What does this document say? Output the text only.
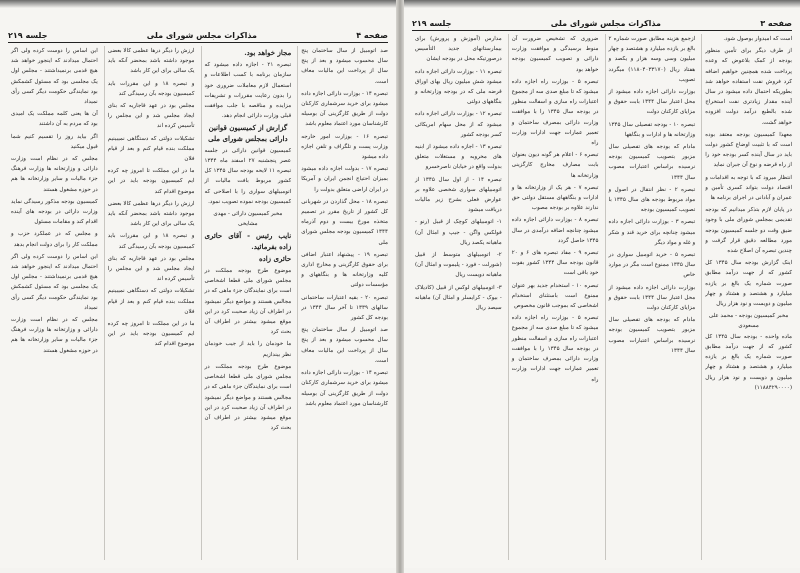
صفحه ۴
مذاکرات مجلس شورای ملی
جلسه ۲۱۹

صد اتومبیل از سال ساختمان پنج سال محسوب میشود و بعد از پنج سال از پرداخت این مالیات معاف است.

تبصره ۱۴ - بوزارت دارائی اجازه داده میشود برای خرید سرشماری کارکنان دولت از طریق کارگزینی آن بوسیله کارشناسان مورد اعتماد معلوم باشد

تبصره ۱۶ - بوزارت امور خارجه وزارت پست و تلگراف و تلفن اجازه داده میشود

تبصره ۱۷ - بدولت اجازه داده میشود بمیزان احتیاج انجمن ایران و آمریکا در ایران اراضی متعلق بدولت را

تبصره ۱۸ - محل گذاردن در شهربانی کل کشور از تاریخ مقرر در تصمیم متخذه مورخ بیست و دوم آذرماه ۱۳۴۴ کمیسیون بودجه مجلس شورای ملی

تبصره ۱۹ - پیشنهاد اعتبار اضافی برای حقوق کارگزینی و مخارج اداری کلیه وزارتخانه ها و بنگاههای و مؤسسات دولتی

تبصره ۲۰ - بقیه اعتبارات ساختمانی سالهای ۱۳۳۹ تا آخر سال ۱۳۴۴ در بودجه کل کشور

صد اتومبیل از سال ساختمان پنج سال محسوب میشود و بعد از پنج سال از پرداخت این مالیات معاف است.

تبصره ۱۴ - بوزارت دارائی اجازه داده میشود برای خرید سرشماری کارکنان دولت از طریق کارگزینی آن بوسیله کارشناسان مورد اعتماد معلوم باشد

مجاز خواهد بود.

تبصره ۲۱ - اجازه داده میشود که سازمان برنامه با کسب اطلاعات و استعمال لازم معاملات ضروری خود را بدون رعایت مقررات و تشریفات مزایده و مناقصه با جلب موافقت قبلی وزارت دارائی انجام دهد.

گزارش از کمیسیون قوانین دارائی بمجلس شورای ملی

کمیسیون قوانین دارائی در جلسه عصر پنجشنبه ۲۷ اسفند ماه ۱۳۴۴ تبصره ۱۱ لایحه بودجه سال ۱۳۴۵ کل کشور مربوط بافت مالیات از اتومبیلهای سواری را با اصلاحی که کمیسیون بودجه نموده تصویب نمود.

مخبر کمیسیون دارائی - مهدی مشایخی
نایب رئیس - آقای حائری زاده بفرمائید.
حائری زاده

موضوع طرح بودجه مملکت در مجلس شورای ملی قطعا اشخاصی است برای نمایندگان جزء ماهی که در مجالس هستند و مواضع دیگر نمیشود در اطراف آن زیاد صحبت کرد در این موقع میشود بیشتر در اطراف آن بحث کرد

ما خودمان را باید از جیب خودمان نظر بیندازیم

موضوع طرح بودجه مملکت در مجلس شورای ملی قطعا اشخاصی است برای نمایندگان جزء ماهی که در مجالس هستند و مواضع دیگر نمیشود در اطراف آن زیاد صحبت کرد در این موقع میشود بیشتر در اطراف آن بحث کرد

ارزش را دیگر درها عظمی کالا بعضی موجود داشته باشد بمحضر آنکه باید یک سالی برای این کار باشد

و تبصره ۱۸ و این مقررات باید کمیسیون بودجه بآن رسیدگی کند

مجلس بود در عهد قاجاریه که بنای ایجاد مجلس شد و این مجلس را تأسیس کرده اند

تشکیلات دولتی که دستگاهی نمیبینیم مملکت بنده قیام کنم و بعد از قیام فلان

ما در این مملکت تا امروز چه کرده ایم کمیسیون بودجه باید در این موضوع اقدام کند

ارزش را دیگر درها عظمی کالا بعضی موجود داشته باشد بمحضر آنکه باید یک سالی برای این کار باشد

و تبصره ۱۸ و این مقررات باید کمیسیون بودجه بآن رسیدگی کند

مجلس بود در عهد قاجاریه که بنای ایجاد مجلس شد و این مجلس را تأسیس کرده اند

تشکیلات دولتی که دستگاهی نمیبینیم مملکت بنده قیام کنم و بعد از قیام فلان

ما در این مملکت تا امروز چه کرده ایم کمیسیون بودجه باید در این موضوع اقدام کند

این اساس را دوست کرده ولی اگر احتمال میدادند که اینجور خواهد شد هیچ قدمی برنمیداشتند - مجلس اول یک مجلسی بود که مسئول کشمکش بود نمایندگی حکومت دیگر کسی رأی نمیداد

آن ها یعنی کلمه مملکت یک امیدی بود که مردم به آن داشتند

اگر بیاید روز را تقسیم کنیم شما قبول میکنید

مجلس که در نظام است وزارت دارائی و وزارتخانه ها وزارت فرهنگ جزء مالیات و سایر وزارتخانه ها هم در حوزه مشغول هستند

کمیسیون بودجه مذکور رسیدگی نماید وزارت دارائی در بودجه های آینده اقدام کند و مقامات مسئول

و مجلس که در عملکرد حزب و مملکت کار را برای دولت انجام بدهد

این اساس را دوست کرده ولی اگر احتمال میدادند که اینجور خواهد شد هیچ قدمی برنمیداشتند - مجلس اول یک مجلسی بود که مسئول کشمکش بود نمایندگی حکومت دیگر کسی رأی نمیداد

مجلس که در نظام است وزارت دارائی و وزارتخانه ها وزارت فرهنگ جزء مالیات و سایر وزارتخانه ها هم در حوزه مشغول هستند

صفحه ۳
مذاکرات مجلس شورای ملی
جلسه ۲۱۹

است که امیدوار بوصول شود.

از طرف دیگر برای تأمین منظور بودجه از کمک بلاعوض که وعده پرداخت شده همچنین خواهیم اضافه کرد فروش نفت استفاده خواهد شد بطوریکه احتمال داده میشود در سال آینده مقدار زیادتری نفت استخراج شده بالطبع درآمد دولت افزوده خواهد گشت.

معهذا کمیسیون بودجه معتقد بوده است که با تثبیت اوضاع کشور دولت باید در سال آینده کسر بودجه خود را از راه قرضه و نوع آن جبران نماید

انتظار میرود که با توجه به اقدامات و اقتصاد دولت بتواند کسری تأمین و عمران و آبادانی در اجرای برنامه ها

در پایان لازم بتذکر میدانیم که بودجه تقدیمی بمجلس شورای ملی با وجود ضیق وقت دو جلسه کمیسیون بودجه مورد مطالعه دقیق قرار گرفت و چندین تبصره آن اصلاح شده

اینک گزارش بودجه سال ۱۳۴۵ کل کشور که از جهت درآمد مطابق صورت شماره یک بالغ بر یازده میلیارد و هشتصد و هشتاد و چهار میلیون و دویست و نود هزار ریال

مخبر کمیسیون بودجه - محمد علی مسعودی

ماده واحده - بودجه سال ۱۳۴۵ کل کشور که از جهت درآمد مطابق صورت شماره یک بالغ بر یازده میلیارد و هشتصد و هشتاد و چهار میلیون و دویست و نود هزار ریال (۱۱۸۸۴۲۹۰۰۰۰)

ازجمع هزینه مطابق صورت شماره ۲ بالغ بر یازده میلیارد و هشتصد و چهار میلیون وسی وسه هزار و یکصد و هفتاد ریال (۱۱۸۰۴۰۳۳۱۷۰) میگردد تصویب

بوزارت دارائی اجازه داده میشود از محل اعتبار سال ۱۳۴۴ بابت حقوق و مزایای کارکنان دولت

تبصره ۱۰ - بودجه تفصیلی سال ۱۳۴۵ وزارتخانه ها و ادارات و بنگاهها

مادام که بودجه های تفصیلی سال مزبور بتصویب کمیسیون بودجه نرسیده براساس اعتبارات مصوب سال ۱۳۴۴

تبصره ۲ - نظر انتقال در اصول و مواد مربوط بودجه های سال ۱۳۴۵ با تصویب کمیسیون بودجه

تبصره ۳ - بوزارت دارائی اجازه داده میشود چنانچه برای خرید قند و شکر و غله و مواد دیگر

تبصره ۵ - خرید اتومبیل سواری در سال ۱۳۴۵ ممنوع است مگر در موارد خاص

بوزارت دارائی اجازه داده میشود از محل اعتبار سال ۱۳۴۴ بابت حقوق و مزایای کارکنان دولت

مادام که بودجه های تفصیلی سال مزبور بتصویب کمیسیون بودجه نرسیده براساس اعتبارات مصوب سال ۱۳۴۴

ضروری که تشخیص ضرورت آن منوط برسیدگی و موافقت وزارت دارائی و تصویب کمیسیون بودجه خواهد بود

تبصره ۵ - بوزارت راه اجازه داده میشود که تا مبلغ صدی سه از مجموع اعتبارات راه سازی و اسفالت منظور در بودجه سال ۱۳۴۵ را با موافقت وزارت دارائی بمصرف ساختمان و تعمیر عمارات جهت ادارات وزارت راه

تبصره ۶ - اعلام هر گونه دیون بعنوان بابت مصارف مخارج کارگزینی وزارتخانه ها

تبصره ۷ - هر یک از وزارتخانه ها و ادارات و بنگاههای مستقل دولتی حق ندارند علاوه بر بودجه مصوب

تبصره ۸ - بوزارت دارائی اجازه داده میشود چنانچه اضافه درآمدی در سال ۱۳۴۵ حاصل گردد

تبصره ۹ - مفاد تبصره های ۶ و ۲۰ قانون بودجه سال ۱۳۴۴ کشور بقوت خود باقی است

تبصره ۱۰ - استخدام جدید بهر عنوان ممنوع است باستثنای استخدام اشخاصی که بموجب قانون مخصوص

تبصره ۵ - بوزارت راه اجازه داده میشود که تا مبلغ صدی سه از مجموع اعتبارات راه سازی و اسفالت منظور در بودجه سال ۱۳۴۵ را با موافقت وزارت دارائی بمصرف ساختمان و تعمیر عمارات جهت ادارات وزارت راه

مدارس (آموزش و پرورش) برای بیمارستانهای جدید التأسیس درصورتیکه محل در بودجه ایشان

تبصره ۱۱ - بوزارت دارائی اجازه داده میشود شش میلیون ریال بهای اوراق قرضه ملی که در بودجه وزارتخانه و بنگاههای دولتی

تبصره ۱۲ - بوزارت دارائی اجازه داده میشود که از محل سهام امریکائی کسر بودجه کشور

تبصره ۱۳ - اجازه داده میشود از ابنیه های مخروبه و مستغلات متعلق بدولت واقع در خیابان ناصرخسرو

تبصره ۱۴ - از اول سال ۱۳۴۵ از اتومبیلهای سواری شخصی علاوه بر عوارض فعلی بشرح زیر مالیات دریافت میشود

۱- اتومبیلهای کوچک از قبیل (رنو - فولکس واگن - جیپ و امثال آن) ماهیانه یکصد ریال

۲- اتومبیلهای متوسط از قبیل (شورلت - فورد - پلیموت و امثال آن) ماهیانه دویست ریال

۳- اتومبیلهای لوکس از قبیل (کادیلاک - بیوک - کرایسلر و امثال آن) ماهیانه سیصد ریال
